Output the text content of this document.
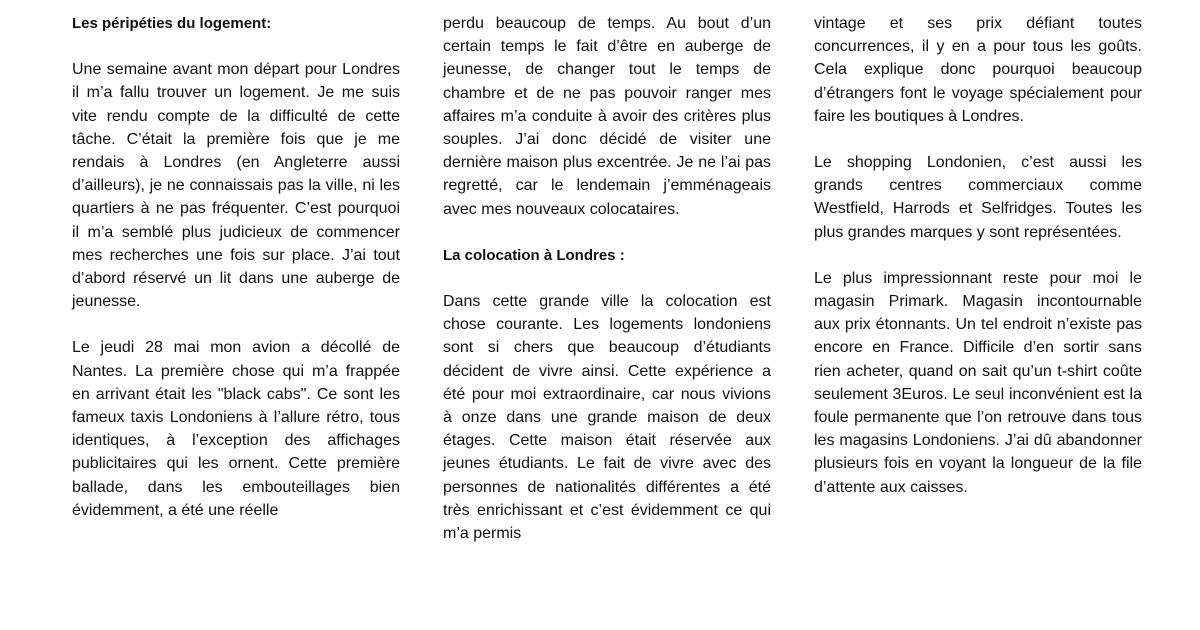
Les péripéties du logement:

Une semaine avant mon départ pour Londres il m’a fallu trouver un logement. Je me suis vite rendu compte de la difficulté de cette tâche. C’était la première fois que je me rendais à Londres (en Angleterre aussi d’ailleurs), je ne connaissais pas la ville, ni les quartiers à ne pas fréquenter. C’est pourquoi il m’a semblé plus judicieux de commencer mes recherches une fois sur place. J’ai tout d’abord réservé un lit dans une auberge de jeunesse.

Le jeudi 28 mai mon avion a décollé de Nantes. La première chose qui m’a frappée en arrivant était les "black cabs". Ce sont les fameux taxis Londoniens à l’allure rétro, tous identiques, à l’exception des affichages publicitaires qui les ornent. Cette première ballade, dans les embouteillages bien évidemment, a été une réelle

perdu beaucoup de temps. Au bout d’un certain temps le fait d’être en auberge de jeunesse, de changer tout le temps de chambre et de ne pas pouvoir ranger mes affaires m’a conduite à avoir des critères plus souples. J’ai donc décidé de visiter une dernière maison plus excentrée. Je ne l’ai pas regretté, car le lendemain j’emménageais avec mes nouveaux colocataires.

La colocation à Londres :

Dans cette grande ville la colocation est chose courante. Les logements londoniens sont si chers que beaucoup d’étudiants décident de vivre ainsi. Cette expérience a été pour moi extraordinaire, car nous vivions à onze dans une grande maison de deux étages. Cette maison était réservée aux jeunes étudiants. Le fait de vivre avec des personnes de nationalités différentes a été très enrichissant et c’est évidemment ce qui m’a permis

vintage et ses prix défiant toutes concurrences, il y en a pour tous les goûts. Cela explique donc pourquoi beaucoup d’étrangers font le voyage spécialement pour faire les boutiques à Londres.

Le shopping Londonien, c’est aussi les grands centres commerciaux comme Westfield, Harrods et Selfridges. Toutes les plus grandes marques y sont représentées.

Le plus impressionnant reste pour moi le magasin Primark. Magasin incontournable aux prix étonnants. Un tel endroit n’existe pas encore en France. Difficile d’en sortir sans rien acheter, quand on sait qu’un t-shirt coûte seulement 3Euros. Le seul inconvénient est la foule permanente que l’on retrouve dans tous les magasins Londoniens. J’ai dû abandonner plusieurs fois en voyant la longueur de la file d’attente aux caisses.
